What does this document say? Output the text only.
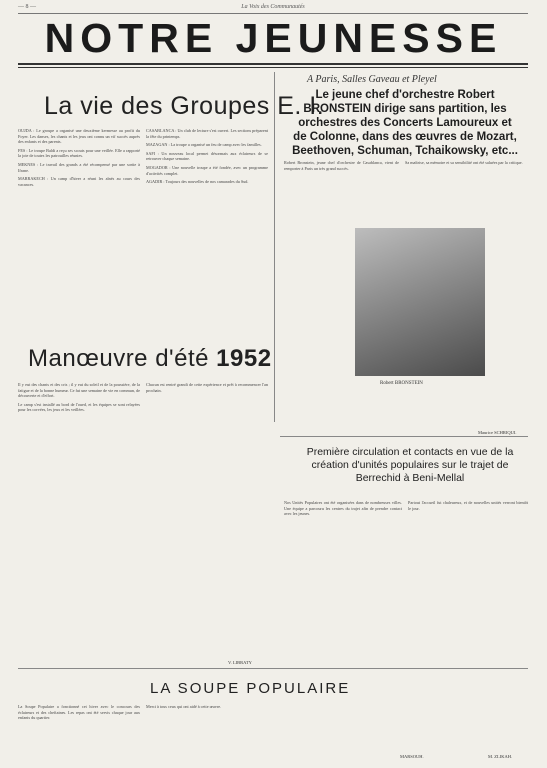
— 8 —	La Voix des Communautés
NOTRE JEUNESSE
La vie des Groupes E. I.

OUJDA : Le groupe a organisé une deuxième kermesse au profit du Foyer. Les danses, les chants et les jeux ont connu un vif succès auprès des enfants et des parents.

FES : Le troupe Baldi a reçu ses scouts pour une veillée. Elle a rapporté la joie de toutes les patrouilles réunies.

MEKNES : Le travail des grands a été récompensé par une sortie à Ifrane.

MARRAKECH : Un camp d'hiver a réuni les aînés au cours des vacances.

CASABLANCA : Un club de lecture s'est ouvert. Les sections préparent la fête du printemps.

MAZAGAN : La troupe a organisé un feu de camp avec les familles.

SAFI : Un nouveau local permet désormais aux éclaireurs de se retrouver chaque semaine.

MOGADOR : Une nouvelle troupe a été fondée, avec un programme d'activités complet.

AGADIR : Toujours des nouvelles de nos camarades du Sud.

A Paris, Salles Gaveau et Pleyel
Le jeune chef d'orchestre Robert BRONSTEIN dirige sans partition, les orchestres des Concerts Lamoureux et de Colonne, dans des œuvres de Mozart, Beethoven, Schuman, Tchaikowsky, etc...

Robert Bronstein, jeune chef d'orchestre de Casablanca, vient de remporter à Paris un très grand succès.

Sa maîtrise, sa mémoire et sa sensibilité ont été saluées par la critique.

Robert BRONSTEIN
Maurice SCHRIQUI.
Manœuvre d'été 1952

Il y eut des chants et des cris ; il y eut du soleil et de la poussière, de la fatigue et de la bonne humeur. Ce fut une semaine de vie en commun, de découverte et d'effort.

Le camp s'est installé au bord de l'oued, et les équipes se sont relayées pour les corvées, les jeux et les veillées.

Chacun est rentré grandi de cette expérience et prêt à recommencer l'an prochain.

V. LIBRATY
Première circulation et contacts en vue de la création d'unités populaires sur le trajet de Berrechid à Beni-Mellal

Nos Unités Populaires ont été organisées dans de nombreuses villes. Une équipe a parcouru les centres du trajet afin de prendre contact avec les jeunes.

Partout l'accueil fut chaleureux, et de nouvelles unités verront bientôt le jour.

M. ZLIKAH.
LA SOUPE POPULAIRE

La Soupe Populaire a fonctionné cet hiver avec le concours des éclaireurs et des cheftaines. Les repas ont été servis chaque jour aux enfants du quartier.

Merci à tous ceux qui ont aidé à cette œuvre.

MARSOUH.
